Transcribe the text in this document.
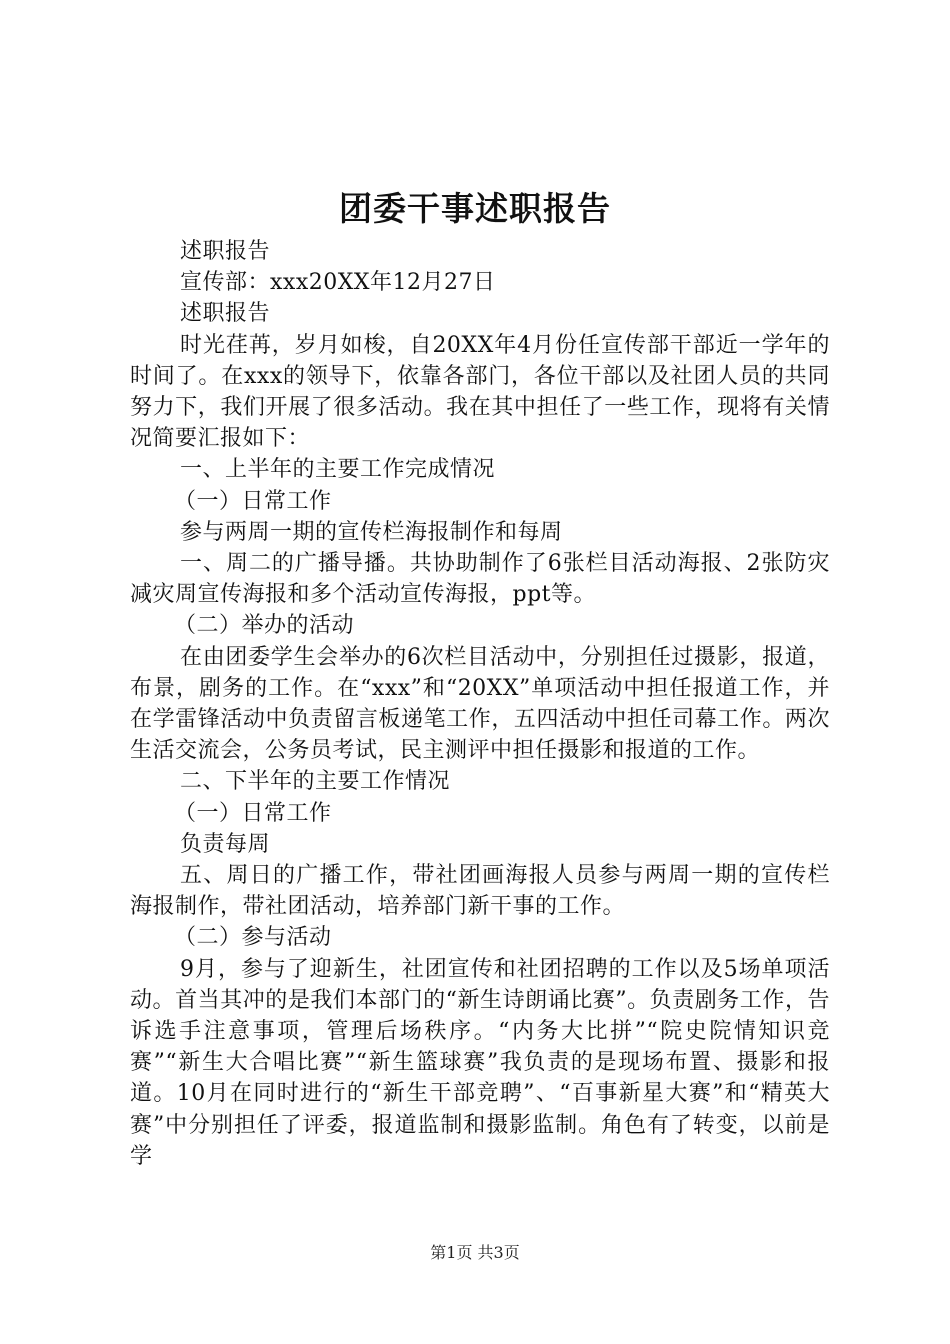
团委干事述职报告

述职报告

宣传部：xxx20XX年12月27日

述职报告

时光荏苒，岁月如梭，自20XX年4月份任宣传部干部近一学年的时间了。在xxx的领导下，依靠各部门，各位干部以及社团人员的共同努力下，我们开展了很多活动。我在其中担任了一些工作，现将有关情况简要汇报如下：

一、上半年的主要工作完成情况

（一）日常工作

参与两周一期的宣传栏海报制作和每周

一、周二的广播导播。共协助制作了6张栏目活动海报、2张防灾减灾周宣传海报和多个活动宣传海报，ppt等。

（二）举办的活动

在由团委学生会举办的6次栏目活动中，分别担任过摄影，报道，布景，剧务的工作。在“xxx”和“20XX”单项活动中担任报道工作，并在学雷锋活动中负责留言板递笔工作，五四活动中担任司幕工作。两次生活交流会，公务员考试，民主测评中担任摄影和报道的工作。

二、下半年的主要工作情况

（一）日常工作

负责每周

五、周日的广播工作，带社团画海报人员参与两周一期的宣传栏海报制作，带社团活动，培养部门新干事的工作。

（二）参与活动

9月，参与了迎新生，社团宣传和社团招聘的工作以及5场单项活动。首当其冲的是我们本部门的“新生诗朗诵比赛”。负责剧务工作，告诉选手注意事项，管理后场秩序。“内务大比拼”“院史院情知识竞赛”“新生大合唱比赛”“新生篮球赛”我负责的是现场布置、摄影和报道。10月在同时进行的“新生干部竞聘”、“百事新星大赛”和“精英大赛”中分别担任了评委，报道监制和摄影监制。角色有了转变，以前是学

第1页 共3页
